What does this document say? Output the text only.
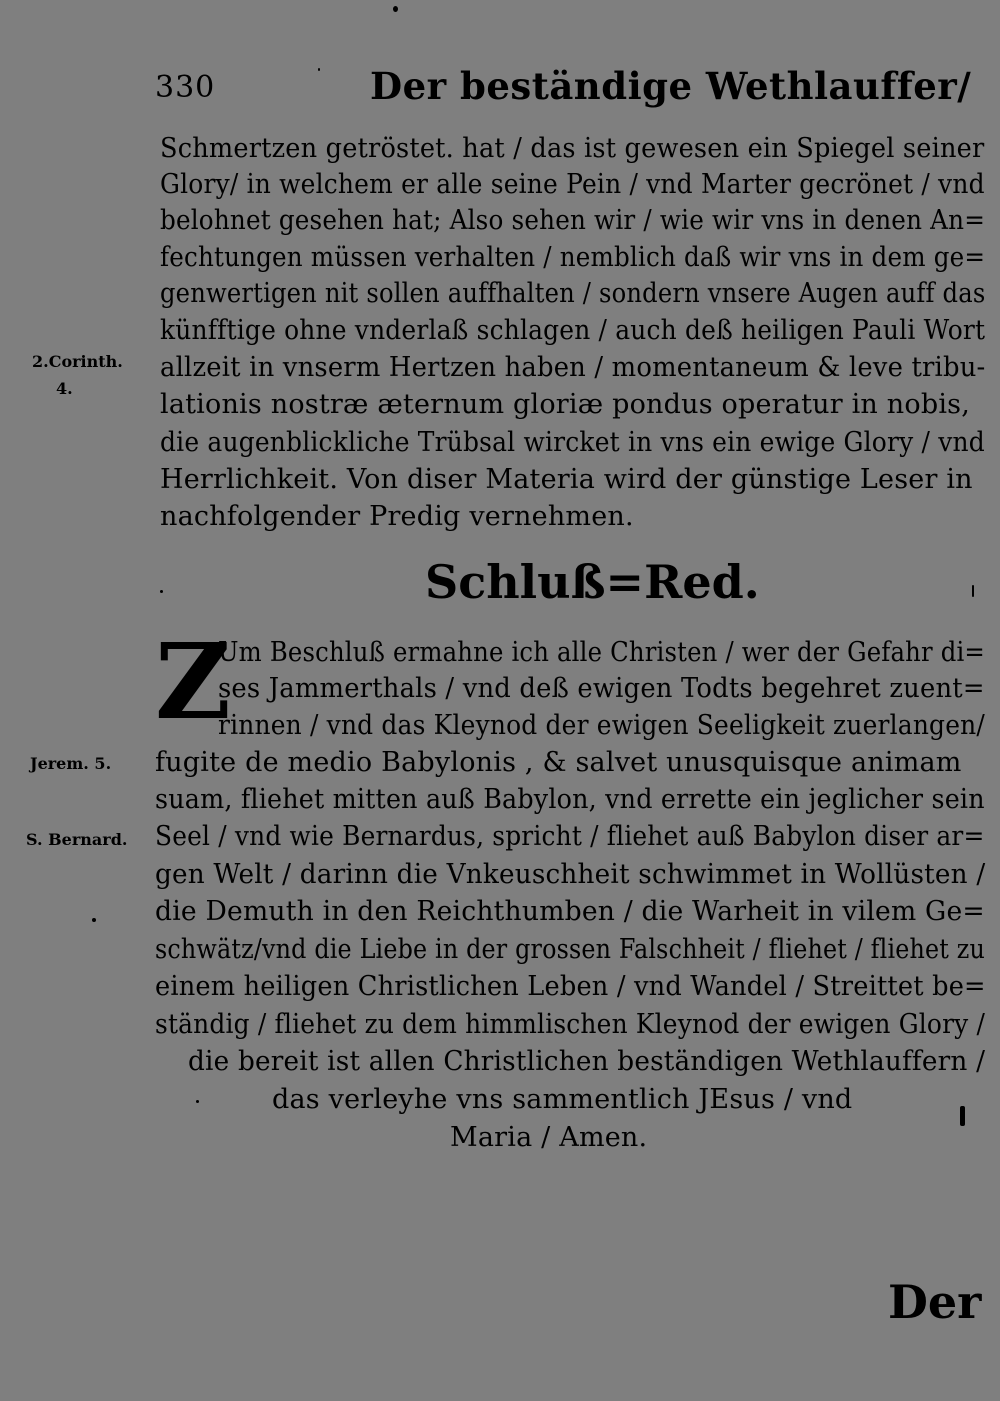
330	Der beständige Wethlauffer/
2.Corinth.
4.
Jerem. 5.
S. Bernard.
Schmertzen getröstet. hat / das ist gewesen ein Spiegel seiner
Glory/ in welchem er alle seine Pein / vnd Marter gecrönet / vnd
belohnet gesehen hat; Also sehen wir / wie wir vns in denen An=
fechtungen müssen verhalten / nemblich daß wir vns in dem ge=
genwertigen nit sollen auffhalten / sondern vnsere Augen auff das
künfftige ohne vnderlaß schlagen / auch deß heiligen Pauli Wort
allzeit in vnserm Hertzen haben / momentaneum & leve tribu-
lationis nostræ æternum gloriæ pondus operatur in nobis,
die augenblickliche Trübsal wircket in vns ein ewige Glory / vnd
Herrlichkeit. Von diser Materia wird der günstige Leser in
nachfolgender Predig vernehmen.
Schluß=Red.
Z
Um Beschluß ermahne ich alle Christen / wer der Gefahr di=
ses Jammerthals / vnd deß ewigen Todts begehret zuent=
rinnen / vnd das Kleynod der ewigen Seeligkeit zuerlangen/
fugite de medio Babylonis , & salvet unusquisque animam
suam, fliehet mitten auß Babylon, vnd errette ein jeglicher sein
Seel / vnd wie Bernardus, spricht / fliehet auß Babylon diser ar=
gen Welt / darinn die Vnkeuschheit schwimmet in Wollüsten /
die Demuth in den Reichthumben / die Warheit in vilem Ge=
schwätz/vnd die Liebe in der grossen Falschheit / fliehet / fliehet zu
einem heiligen Christlichen Leben / vnd Wandel / Streittet be=
ständig / fliehet zu dem himmlischen Kleynod der ewigen Glory /
die bereit ist allen Christlichen beständigen Wethlauffern /
das verleyhe vns sammentlich JEsus / vnd
Maria / Amen.
Der
